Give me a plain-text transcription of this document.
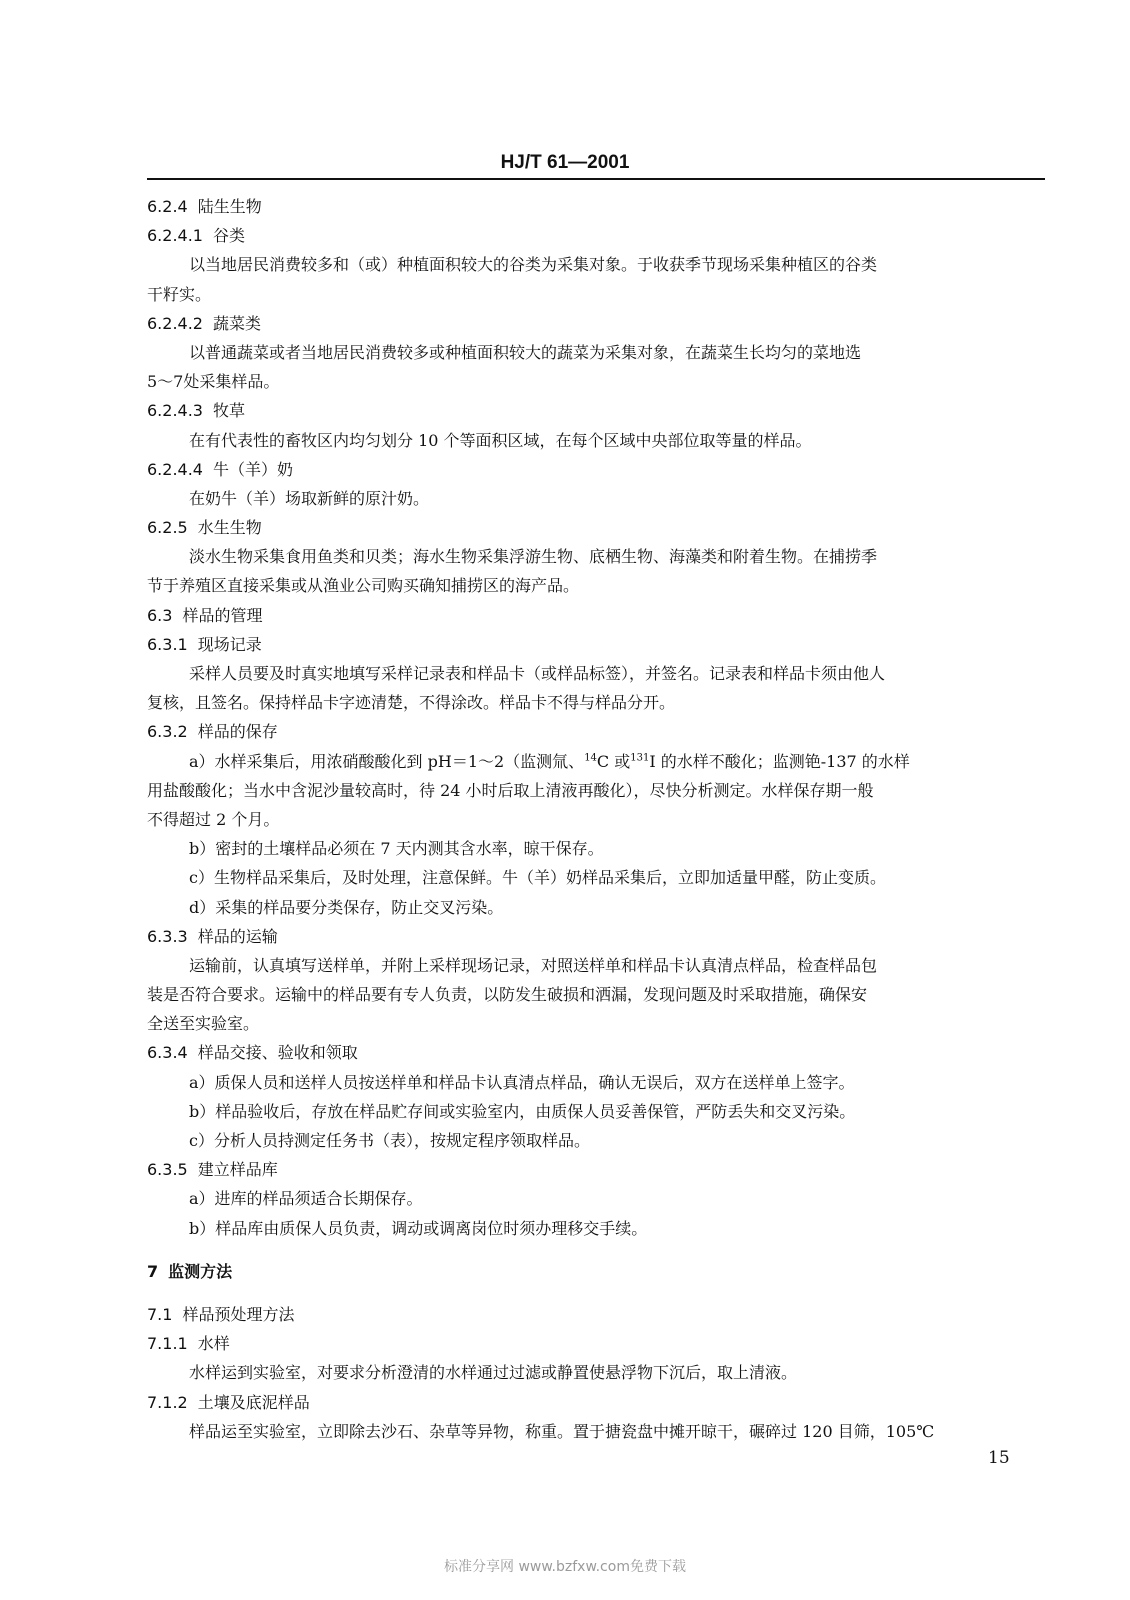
HJ/T 61—2001
6.2.4 陆生生物
6.2.4.1 谷类
以当地居民消费较多和（或）种植面积较大的谷类为采集对象。于收获季节现场采集种植区的谷类
干籽实。
6.2.4.2 蔬菜类
以普通蔬菜或者当地居民消费较多或种植面积较大的蔬菜为采集对象，在蔬菜生长均匀的菜地选
5～7处采集样品。
6.2.4.3 牧草
在有代表性的畜牧区内均匀划分 10 个等面积区域，在每个区域中央部位取等量的样品。
6.2.4.4 牛（羊）奶
在奶牛（羊）场取新鲜的原汁奶。
6.2.5 水生生物
淡水生物采集食用鱼类和贝类；海水生物采集浮游生物、底栖生物、海藻类和附着生物。在捕捞季
节于养殖区直接采集或从渔业公司购买确知捕捞区的海产品。
6.3 样品的管理
6.3.1 现场记录
采样人员要及时真实地填写采样记录表和样品卡（或样品标签），并签名。记录表和样品卡须由他人
复核，且签名。保持样品卡字迹清楚，不得涂改。样品卡不得与样品分开。
6.3.2 样品的保存
a）水样采集后，用浓硝酸酸化到 pH＝1～2（监测氚、$^{14}$C 或$^{131}$I 的水样不酸化；监测铯-137 的水样
用盐酸酸化；当水中含泥沙量较高时，待 24 小时后取上清液再酸化），尽快分析测定。水样保存期一般
不得超过 2 个月。
b）密封的土壤样品必须在 7 天内测其含水率，晾干保存。
c）生物样品采集后，及时处理，注意保鲜。牛（羊）奶样品采集后，立即加适量甲醛，防止变质。
d）采集的样品要分类保存，防止交叉污染。
6.3.3 样品的运输
运输前，认真填写送样单，并附上采样现场记录，对照送样单和样品卡认真清点样品，检查样品包
装是否符合要求。运输中的样品要有专人负责，以防发生破损和洒漏，发现问题及时采取措施，确保安
全送至实验室。
6.3.4 样品交接、验收和领取
a）质保人员和送样人员按送样单和样品卡认真清点样品，确认无误后，双方在送样单上签字。
b）样品验收后，存放在样品贮存间或实验室内，由质保人员妥善保管，严防丢失和交叉污染。
c）分析人员持测定任务书（表），按规定程序领取样品。
6.3.5 建立样品库
a）进库的样品须适合长期保存。
b）样品库由质保人员负责，调动或调离岗位时须办理移交手续。
7 监测方法
7.1 样品预处理方法
7.1.1 水样
水样运到实验室，对要求分析澄清的水样通过过滤或静置使悬浮物下沉后，取上清液。
7.1.2 土壤及底泥样品
样品运至实验室，立即除去沙石、杂草等异物，称重。置于搪瓷盘中摊开晾干，碾碎过 120 目筛，105℃
15
标准分享网 www.bzfxw.com免费下载
